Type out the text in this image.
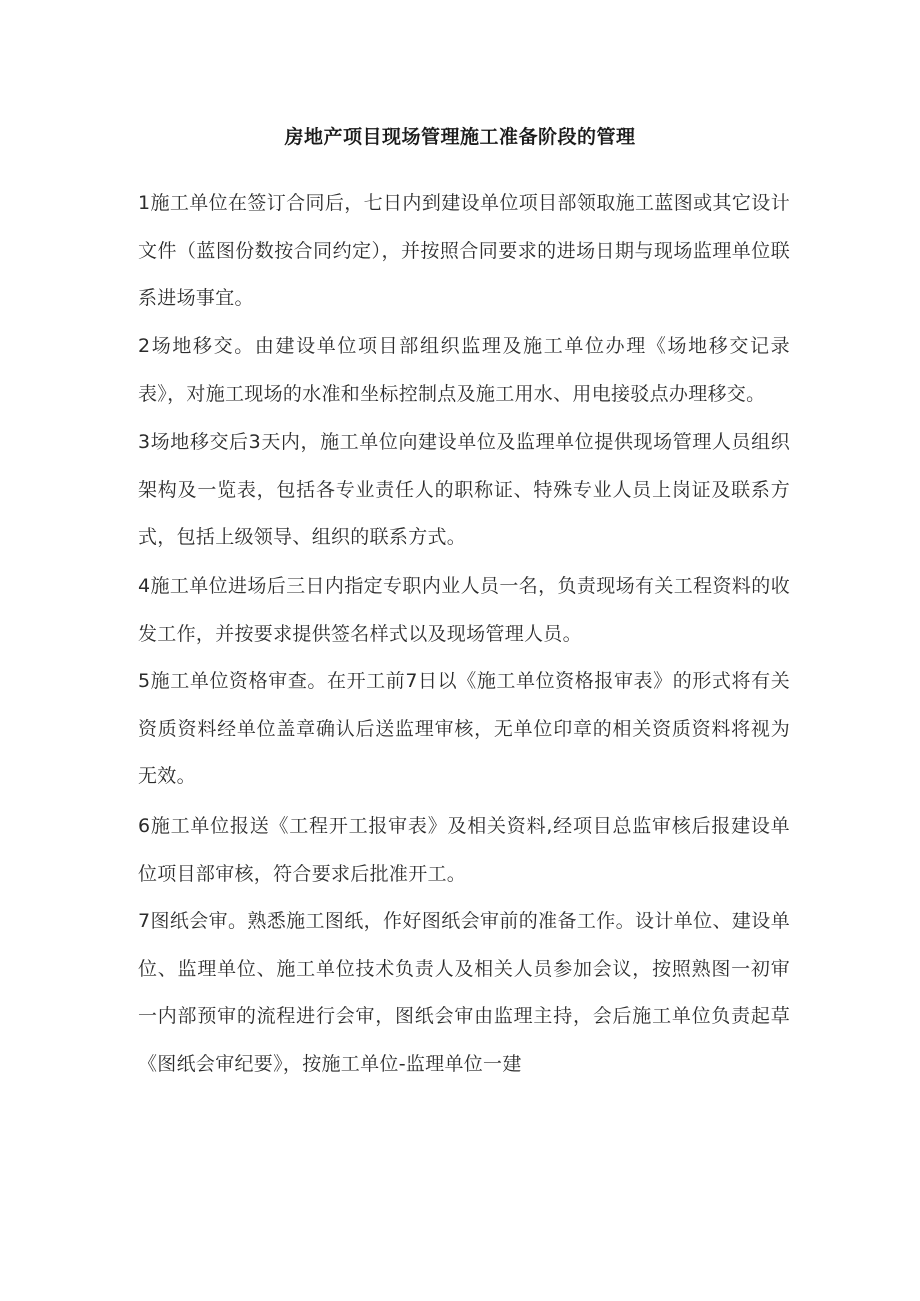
房地产项目现场管理施工准备阶段的管理

1施工单位在签订合同后，七日内到建设单位项目部领取施工蓝图或其它设计文件（蓝图份数按合同约定），并按照合同要求的进场日期与现场监理单位联系进场事宜。

2场地移交。由建设单位项目部组织监理及施工单位办理《场地移交记录表》，对施工现场的水准和坐标控制点及施工用水、用电接驳点办理移交。

3场地移交后3天内，施工单位向建设单位及监理单位提供现场管理人员组织架构及一览表，包括各专业责任人的职称证、特殊专业人员上岗证及联系方式，包括上级领导、组织的联系方式。

4施工单位进场后三日内指定专职内业人员一名，负责现场有关工程资料的收发工作，并按要求提供签名样式以及现场管理人员。

5施工单位资格审查。在开工前7日以《施工单位资格报审表》的形式将有关资质资料经单位盖章确认后送监理审核，无单位印章的相关资质资料将视为无效。

6施工单位报送《工程开工报审表》及相关资料,经项目总监审核后报建设单位项目部审核，符合要求后批准开工。

7图纸会审。熟悉施工图纸，作好图纸会审前的准备工作。设计单位、建设单位、监理单位、施工单位技术负责人及相关人员参加会议，按照熟图一初审一内部预审的流程进行会审，图纸会审由监理主持，会后施工单位负责起草《图纸会审纪要》，按施工单位-监理单位一建
